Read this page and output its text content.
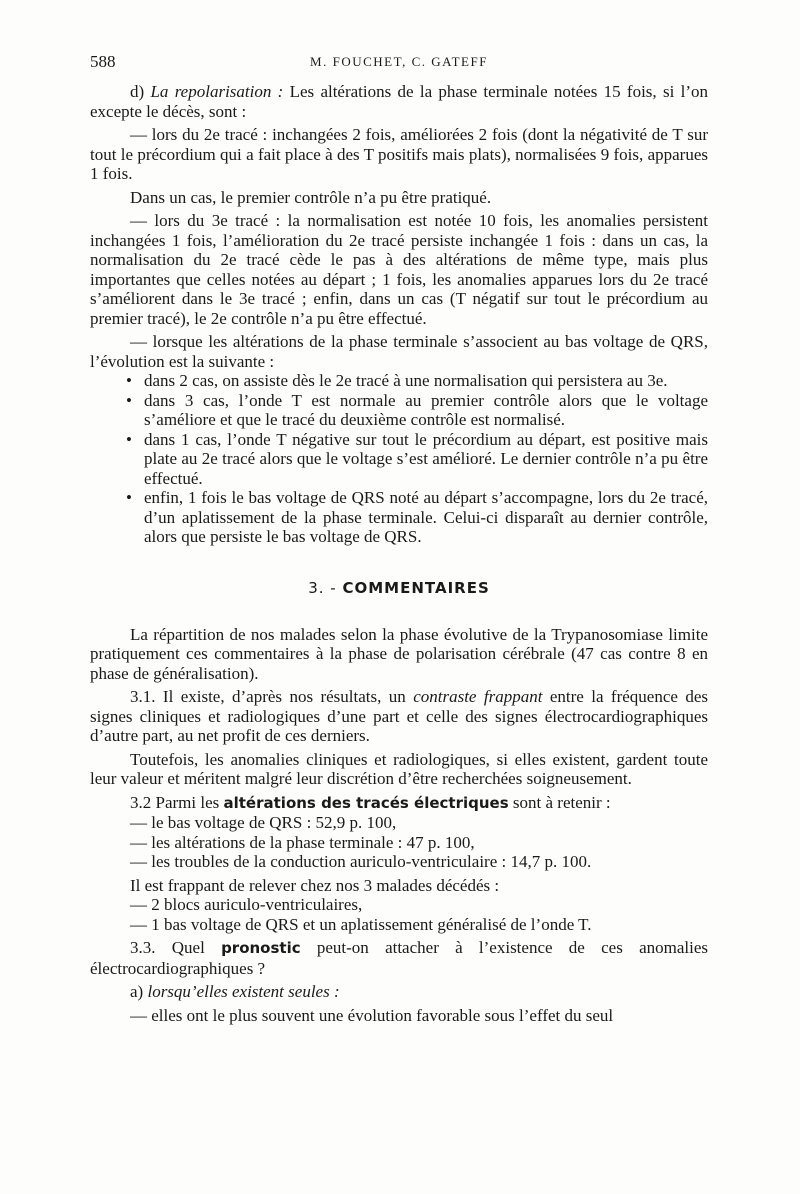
588	M. FOUCHET, C. GATEFF

d) La repolarisation : Les altérations de la phase terminale notées 15 fois, si l’on excepte le décès, sont :

— lors du 2e tracé : inchangées 2 fois, améliorées 2 fois (dont la négativité de T sur tout le précordium qui a fait place à des T positifs mais plats), normalisées 9 fois, apparues 1 fois.

Dans un cas, le premier contrôle n’a pu être pratiqué.

— lors du 3e tracé : la normalisation est notée 10 fois, les anomalies persistent inchangées 1 fois, l’amélioration du 2e tracé persiste inchangée 1 fois : dans un cas, la normalisation du 2e tracé cède le pas à des altérations de même type, mais plus importantes que celles notées au départ ; 1 fois, les anomalies apparues lors du 2e tracé s’améliorent dans le 3e tracé ; enfin, dans un cas (T négatif sur tout le précordium au premier tracé), le 2e contrôle n’a pu être effectué.

— lorsque les altérations de la phase terminale s’associent au bas voltage de QRS, l’évolution est la suivante :

• dans 2 cas, on assiste dès le 2e tracé à une normalisation qui persistera au 3e.
• dans 3 cas, l’onde T est normale au premier contrôle alors que le voltage s’améliore et que le tracé du deuxième contrôle est normalisé.
• dans 1 cas, l’onde T négative sur tout le précordium au départ, est positive mais plate au 2e tracé alors que le voltage s’est amélioré. Le dernier contrôle n’a pu être effectué.
• enfin, 1 fois le bas voltage de QRS noté au départ s’accompagne, lors du 2e tracé, d’un aplatissement de la phase terminale. Celui-ci disparaît au dernier contrôle, alors que persiste le bas voltage de QRS.
3. - COMMENTAIRES

La répartition de nos malades selon la phase évolutive de la Trypanosomiase limite pratiquement ces commentaires à la phase de polarisation cérébrale (47 cas contre 8 en phase de généralisation).

3.1. Il existe, d’après nos résultats, un contraste frappant entre la fréquence des signes cliniques et radiologiques d’une part et celle des signes électrocardiographiques d’autre part, au net profit de ces derniers.

Toutefois, les anomalies cliniques et radiologiques, si elles existent, gardent toute leur valeur et méritent malgré leur discrétion d’être recherchées soigneusement.

3.2 Parmi les altérations des tracés électriques sont à retenir :

— le bas voltage de QRS : 52,9 p. 100,

— les altérations de la phase terminale : 47 p. 100,

— les troubles de la conduction auriculo-ventriculaire : 14,7 p. 100.

Il est frappant de relever chez nos 3 malades décédés :

— 2 blocs auriculo-ventriculaires,

— 1 bas voltage de QRS et un aplatissement généralisé de l’onde T.

3.3. Quel pronostic peut-on attacher à l’existence de ces anomalies électrocardiographiques ?

a) lorsqu’elles existent seules :

— elles ont le plus souvent une évolution favorable sous l’effet du seul
